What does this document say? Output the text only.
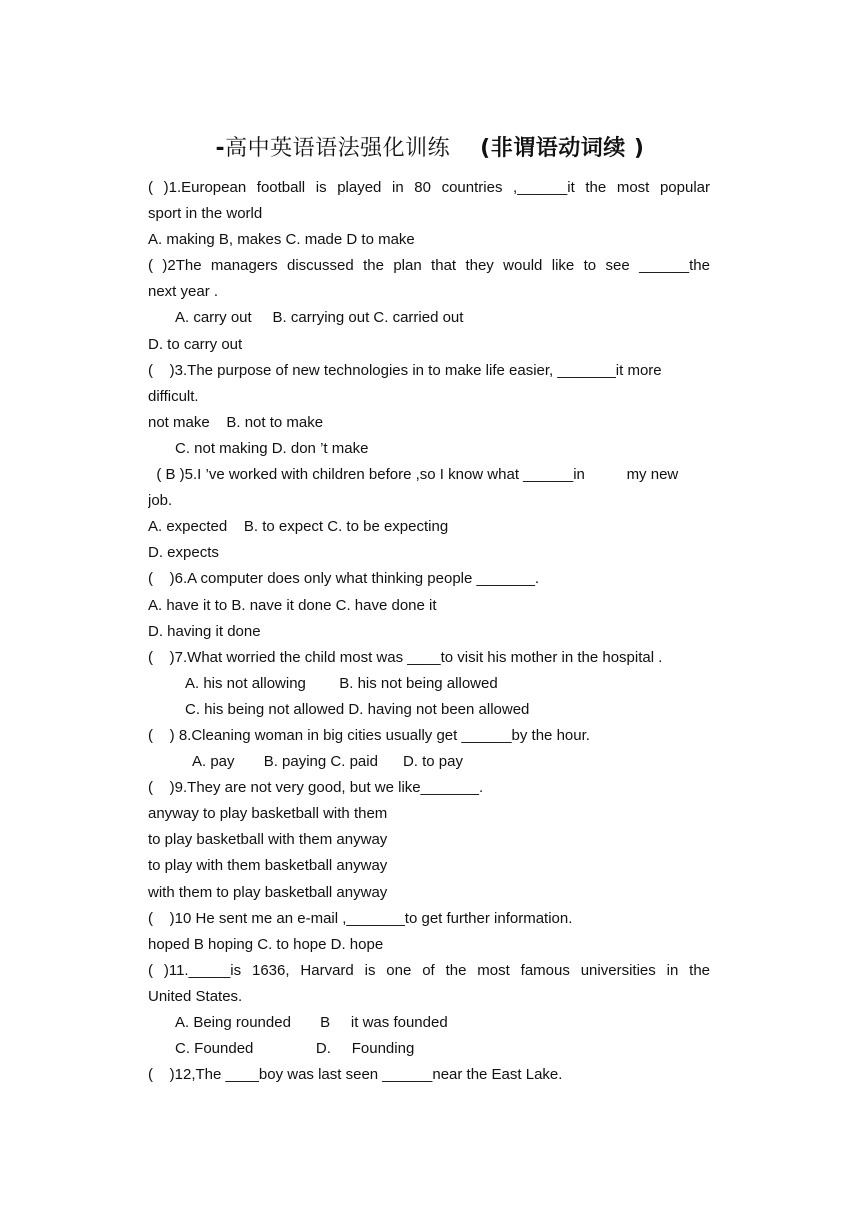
-高中英语语法强化训练 (非谓语动词续 )
( )1.European football is played in 80 countries ,______it the most popular
sport in the world
A. making B, makes C. made D to make
( )2The managers discussed the plan that they would like to see ______the
next year .
A. carry out     B. carrying out C. carried out
D. to carry out
(    )3.The purpose of new technologies in to make life easier, _______it more
difficult.
not make    B. not to make
C. not making D. don ’t make
( B )5.I ’ve worked with children before ,so I know what ______in          my new
job.
A. expected    B. to expect C. to be expecting
D. expects
(    )6.A computer does only what thinking people _______.
A. have it to B. nave it done C. have done it
D. having it done
(    )7.What worried the child most was ____to visit his mother in the hospital .
A. his not allowing        B. his not being allowed
C. his being not allowed D. having not been allowed
(    ) 8.Cleaning woman in big cities usually get ______by the hour.
A. pay       B. paying C. paid      D. to pay
(    )9.They are not very good, but we like_______.
anyway to play basketball with them
to play basketball with them anyway
to play with them basketball anyway
with them to play basketball anyway
(    )10 He sent me an e-mail ,_______to get further information.
hoped B hoping C. to hope D. hope
( )11._____is 1636, Harvard is one of the most famous universities in the
United States.
A. Being rounded       B     it was founded
C. Founded               D.     Founding
(    )12,The ____boy was last seen ______near the East Lake.
